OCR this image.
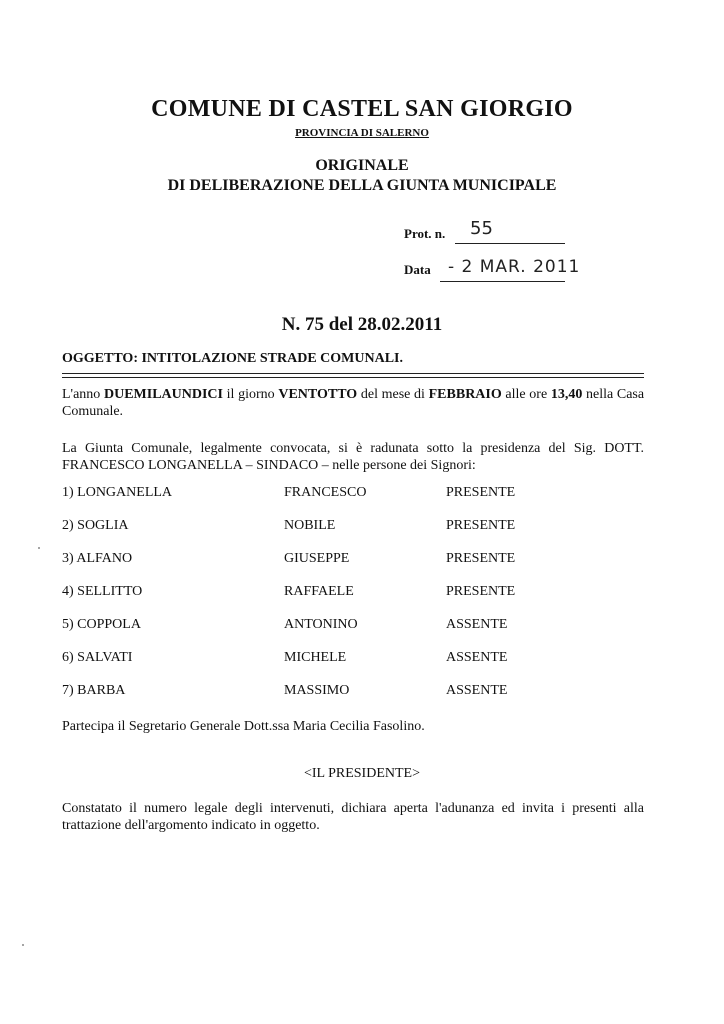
COMUNE DI CASTEL SAN GIORGIO
PROVINCIA DI SALERNO
ORIGINALE
DI DELIBERAZIONE DELLA GIUNTA MUNICIPALE
Prot. n. 55
Data - 2 MAR. 2011
N. 75 del 28.02.2011
OGGETTO: INTITOLAZIONE STRADE COMUNALI.
L'anno DUEMILAUNDICI il giorno VENTOTTO del mese di FEBBRAIO alle ore 13,40 nella Casa Comunale.
La Giunta Comunale, legalmente convocata, si è radunata sotto la presidenza del Sig. DOTT. FRANCESCO LONGANELLA – SINDACO – nelle persone dei Signori:
1) LONGANELLA	FRANCESCO	PRESENTE
2) SOGLIA	NOBILE	PRESENTE
3) ALFANO	GIUSEPPE	PRESENTE
4) SELLITTO	RAFFAELE	PRESENTE
5) COPPOLA	ANTONINO	ASSENTE
6) SALVATI	MICHELE	ASSENTE
7) BARBA	MASSIMO	ASSENTE
Partecipa il Segretario Generale Dott.ssa Maria Cecilia Fasolino.
<IL PRESIDENTE>
Constatato il numero legale degli intervenuti, dichiara aperta l'adunanza ed invita i presenti alla trattazione dell'argomento indicato in oggetto.
